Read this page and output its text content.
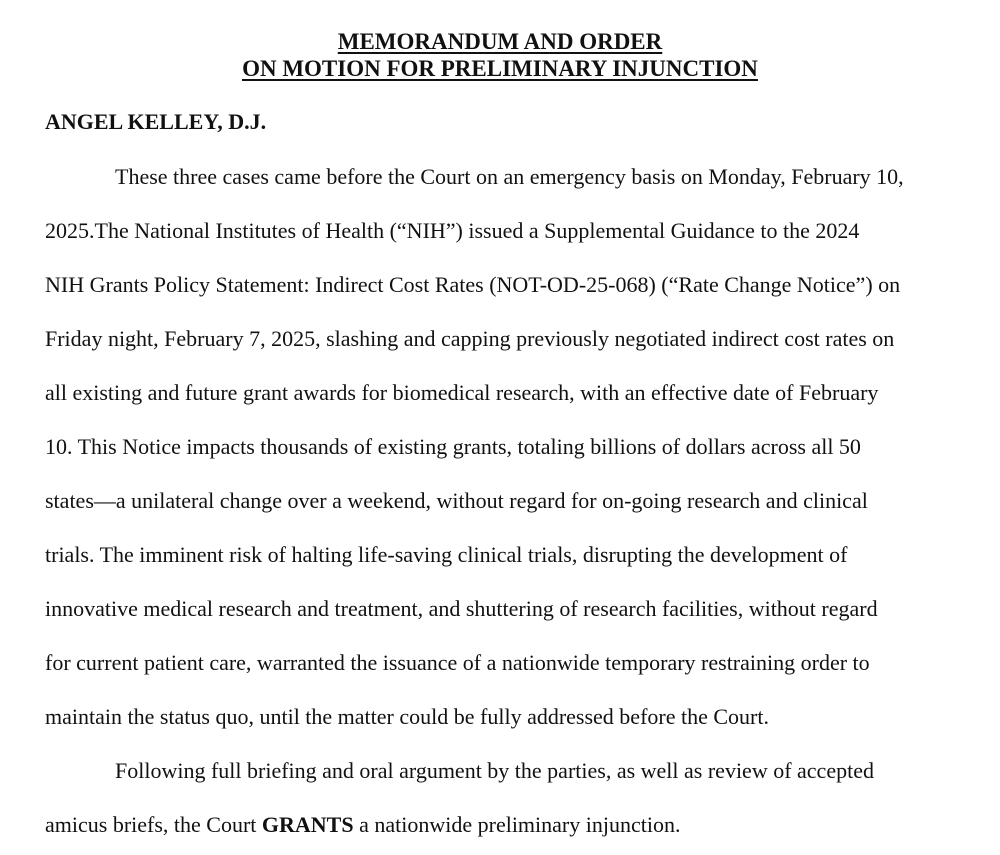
MEMORANDUM AND ORDER
ON MOTION FOR PRELIMINARY INJUNCTION

ANGEL KELLEY, D.J.

These three cases came before the Court on an emergency basis on Monday, February 10,

2025.The National Institutes of Health (“NIH”) issued a Supplemental Guidance to the 2024

NIH Grants Policy Statement: Indirect Cost Rates (NOT-OD-25-068) (“Rate Change Notice”) on

Friday night, February 7, 2025, slashing and capping previously negotiated indirect cost rates on

all existing and future grant awards for biomedical research, with an effective date of February

10. This Notice impacts thousands of existing grants, totaling billions of dollars across all 50

states—a unilateral change over a weekend, without regard for on-going research and clinical

trials. The imminent risk of halting life-saving clinical trials, disrupting the development of

innovative medical research and treatment, and shuttering of research facilities, without regard

for current patient care, warranted the issuance of a nationwide temporary restraining order to

maintain the status quo, until the matter could be fully addressed before the Court.

Following full briefing and oral argument by the parties, as well as review of accepted

amicus briefs, the Court GRANTS a nationwide preliminary injunction.
